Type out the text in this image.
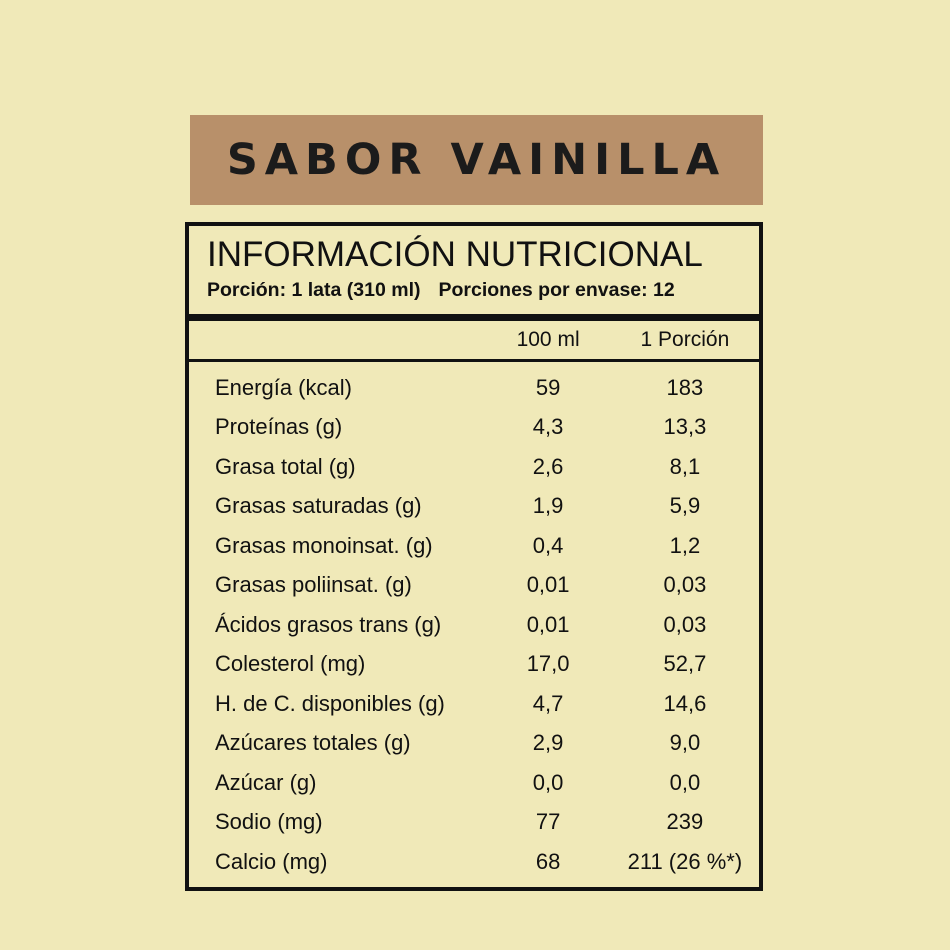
SABOR VAINILLA
INFORMACIÓN NUTRICIONAL
Porción: 1 lata (310 ml) Porciones por envase: 12
	100 ml	1 Porción
Energía (kcal)	59	183
Proteínas (g)	4,3	13,3
Grasa total (g)	2,6	8,1
Grasas saturadas (g)	1,9	5,9
Grasas monoinsat. (g)	0,4	1,2
Grasas poliinsat. (g)	0,01	0,03
Ácidos grasos trans (g)	0,01	0,03
Colesterol (mg)	17,0	52,7
H. de C. disponibles (g)	4,7	14,6
Azúcares totales (g)	2,9	9,0
Azúcar (g)	0,0	0,0
Sodio (mg)	77	239
Calcio (mg)	68	211 (26 %*)
